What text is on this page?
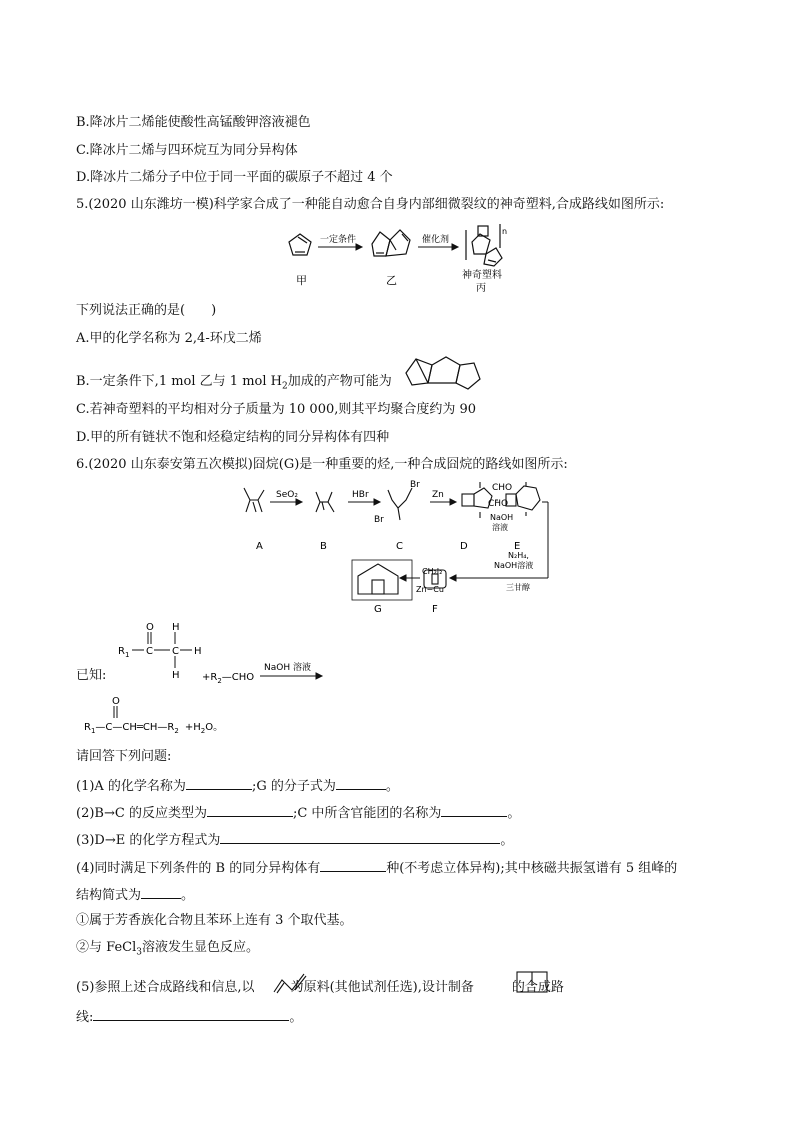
B.降冰片二烯能使酸性高锰酸钾溶液褪色
C.降冰片二烯与四环烷互为同分异构体
D.降冰片二烯分子中位于同一平面的碳原子不超过 4 个
5.(2020 山东潍坊一模)科学家合成了一种能自动愈合自身内部细微裂纹的神奇塑料,合成路线如图所示:
甲
一定条件
乙
催化剂
n
神奇塑料
丙
下列说法正确的是(　　)
A.甲的化学名称为 2,4-环戊二烯
B.一定条件下,1 mol 乙与 1 mol $H_2$加成的产物可能为
C.若神奇塑料的平均相对分子质量为 10 000,则其平均聚合度约为 90
D.甲的所有链状不饱和烃稳定结构的同分异构体有四种
6.(2020 山东泰安第五次模拟)囧烷(G)是一种重要的烃,一种合成囧烷的路线如图所示:
SeO₂	HBr	Zn
Br
Br
CHO
CHO
NaOH
溶液
N₂H₄,
NaOH溶液
三甘醇
CH₂I₂
Zn−Cu
A	B	C	D	E
G	F
已知:
O H
$R_1$ C C H
$H +R_2—CHO$
NaOH 溶液
O
$R_1—C—CH═CH—R_2 +H_2O$。
请回答下列问题:
(1)A 的化学名称为	;G 的分子式为	。
(2)B→C 的反应类型为	;C 中所含官能团的名称为	。
(3)D→E 的化学方程式为	。
(4)同时满足下列条件的 B 的同分异构体有	种(不考虑立体异构);其中核磁共振氢谱有 5 组峰的
结构简式为	。
①属于芳香族化合物且苯环上连有 3 个取代基。
②与 FeCl$_3$溶液发生显色反应。
(5)参照上述合成路线和信息,以	为原料(其他试剂任选),设计制备	的合成路
线:	。
